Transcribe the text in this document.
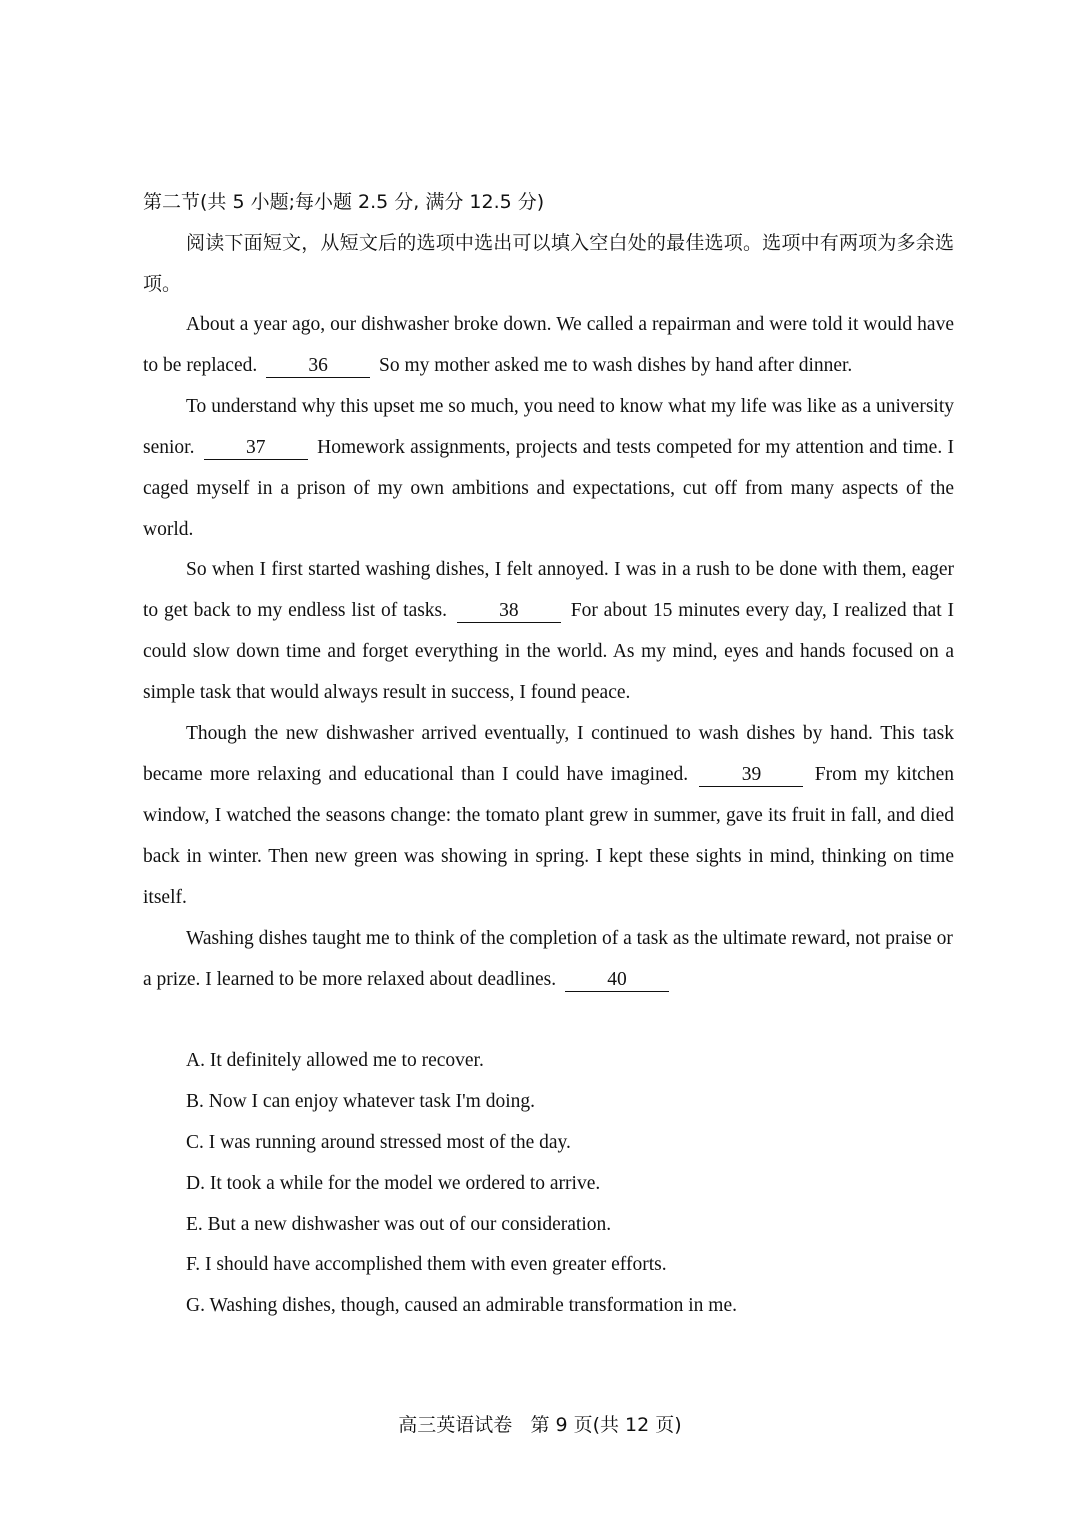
第二节(共 5 小题;每小题 2.5 分, 满分 12.5 分)

阅读下面短文，从短文后的选项中选出可以填入空白处的最佳选项。选项中有两项为多余选项。

About a year ago, our dishwasher broke down. We called a repairman and were told it would have to be replaced.	36	So my mother asked me to wash dishes by hand after dinner.

To understand why this upset me so much, you need to know what my life was like as a university senior.	37	Homework assignments, projects and tests competed for my attention and time. I caged myself in a prison of my own ambitions and expectations, cut off from many aspects of the world.

So when I first started washing dishes, I felt annoyed. I was in a rush to be done with them, eager to get back to my endless list of tasks.	38	For about 15 minutes every day, I realized that I could slow down time and forget everything in the world. As my mind, eyes and hands focused on a simple task that would always result in success, I found peace.

Though the new dishwasher arrived eventually, I continued to wash dishes by hand. This task became more relaxing and educational than I could have imagined.	39	From my kitchen window, I watched the seasons change: the tomato plant grew in summer, gave its fruit in fall, and died back in winter. Then new green was showing in spring. I kept these sights in mind, thinking on time itself.

Washing dishes taught me to think of the completion of a task as the ultimate reward, not praise or a prize. I learned to be more relaxed about deadlines.	40

A. It definitely allowed me to recover.

B. Now I can enjoy whatever task I'm doing.

C. I was running around stressed most of the day.

D. It took a while for the model we ordered to arrive.

E. But a new dishwasher was out of our consideration.

F. I should have accomplished them with even greater efforts.

G. Washing dishes, though, caused an admirable transformation in me.

高三英语试卷 第 9 页(共 12 页)
